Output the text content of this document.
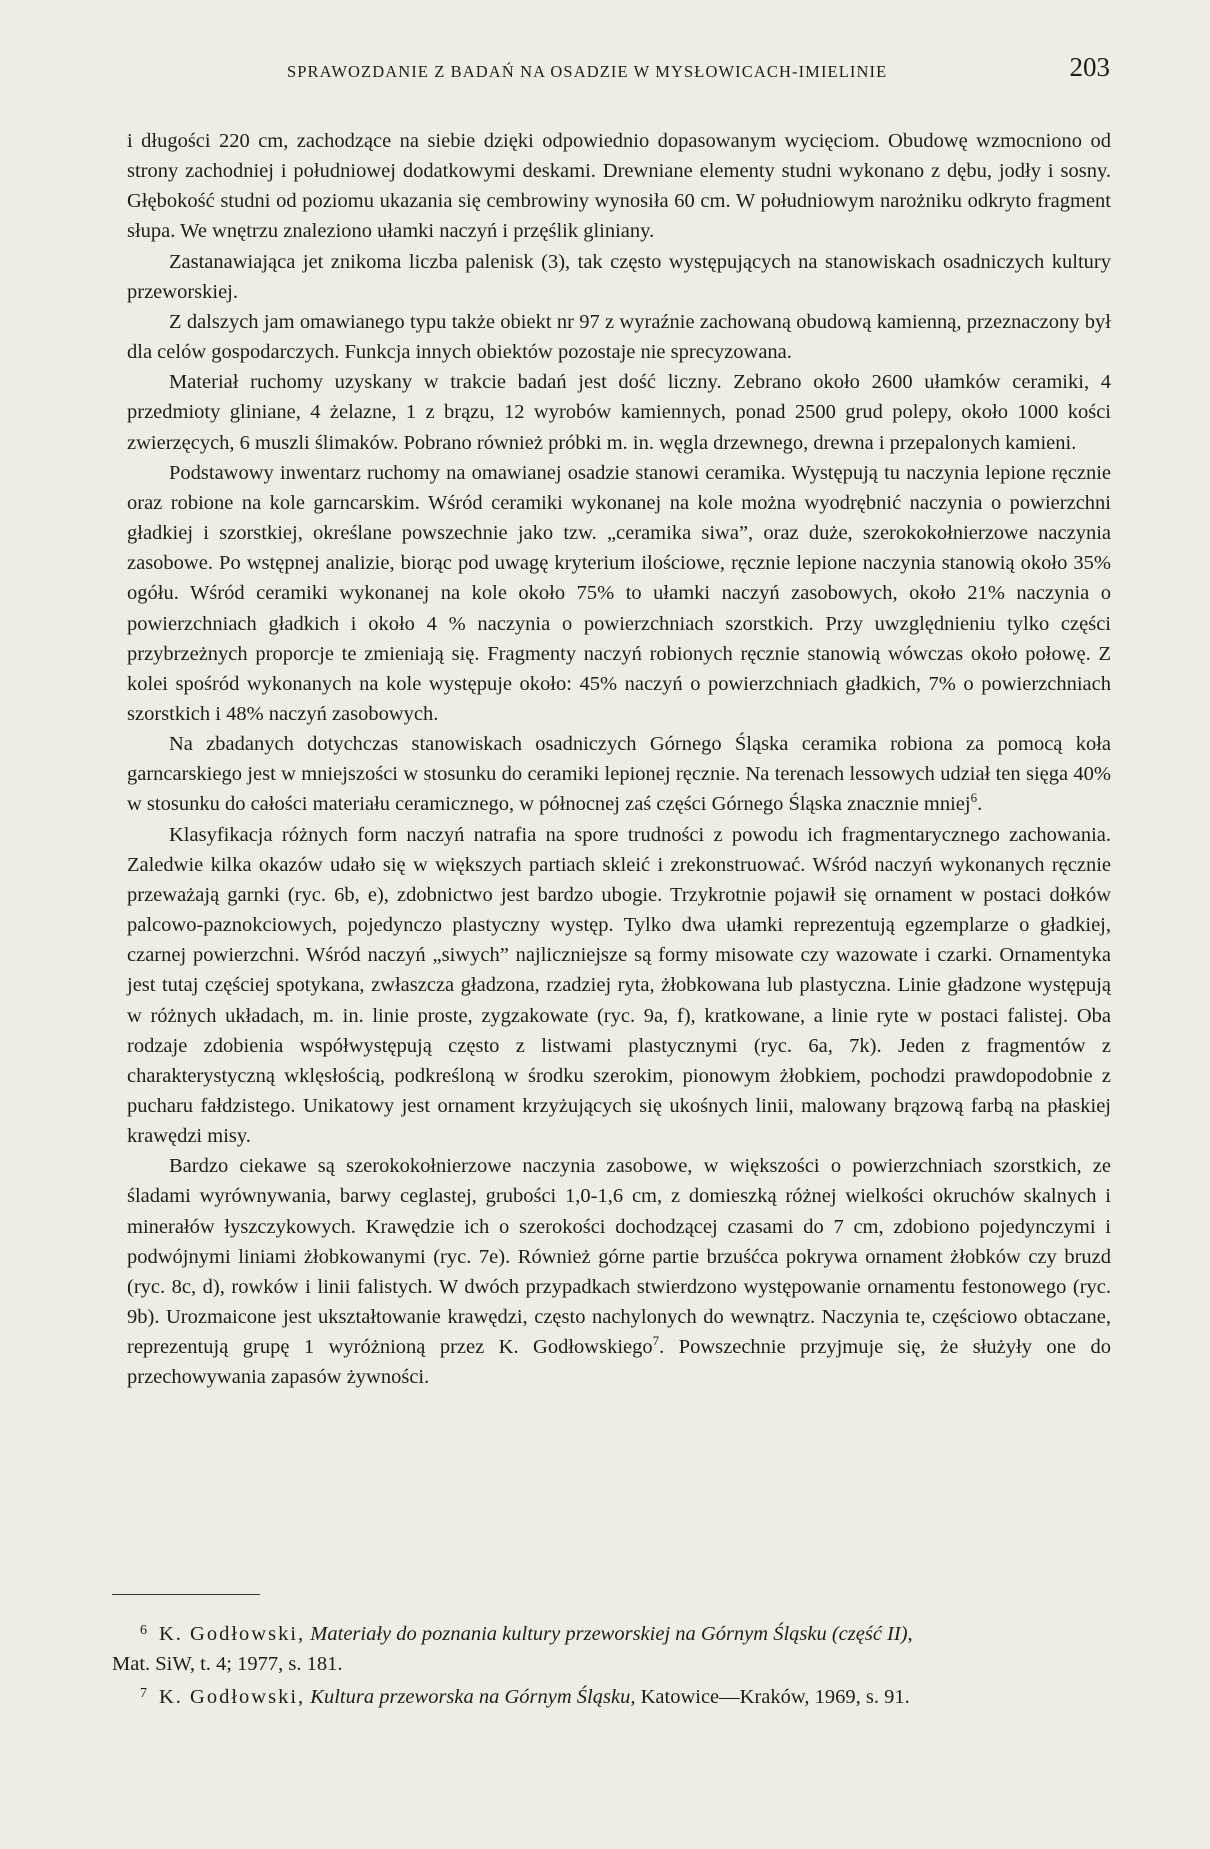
SPRAWOZDANIE Z BADAŃ NA OSADZIE W MYSŁOWICACH-IMIELINIE	203

i długości 220 cm, zachodzące na siebie dzięki odpowiednio dopasowanym wycięciom. Obudowę wzmocniono od strony zachodniej i południowej dodatkowymi deskami. Drewniane elementy studni wykonano z dębu, jodły i sosny. Głębokość studni od poziomu ukazania się cembrowiny wynosiła 60 cm. W południowym narożniku odkryto fragment słupa. We wnętrzu znaleziono ułamki naczyń i przęślik gliniany.

Zastanawiająca jet znikoma liczba palenisk (3), tak często występujących na stanowiskach osadniczych kultury przeworskiej.

Z dalszych jam omawianego typu także obiekt nr 97 z wyraźnie zachowaną obudową kamienną, przeznaczony był dla celów gospodarczych. Funkcja innych obiektów pozostaje nie sprecyzowana.

Materiał ruchomy uzyskany w trakcie badań jest dość liczny. Zebrano około 2600 ułamków ceramiki, 4 przedmioty gliniane, 4 żelazne, 1 z brązu, 12 wyrobów kamiennych, ponad 2500 grud polepy, około 1000 kości zwierzęcych, 6 muszli ślimaków. Pobrano również próbki m. in. węgla drzewnego, drewna i przepalonych kamieni.

Podstawowy inwentarz ruchomy na omawianej osadzie stanowi ceramika. Występują tu naczynia lepione ręcznie oraz robione na kole garncarskim. Wśród ceramiki wykonanej na kole można wyodrębnić naczynia o powierzchni gładkiej i szorstkiej, określane powszechnie jako tzw. „ceramika siwa”, oraz duże, szerokokołnierzowe naczynia zasobowe. Po wstępnej analizie, biorąc pod uwagę kryterium ilościowe, ręcznie lepione naczynia stanowią około 35% ogółu. Wśród ceramiki wykonanej na kole około 75% to ułamki naczyń zasobowych, około 21% naczynia o powierzchniach gładkich i około 4 % naczynia o powierzchniach szorstkich. Przy uwzględnieniu tylko części przybrzeżnych proporcje te zmieniają się. Fragmenty naczyń robionych ręcznie stanowią wówczas około połowę. Z kolei spośród wykonanych na kole występuje około: 45% naczyń o powierzchniach gładkich, 7% o powierzchniach szorstkich i 48% naczyń zasobowych.

Na zbadanych dotychczas stanowiskach osadniczych Górnego Śląska ceramika robiona za pomocą koła garncarskiego jest w mniejszości w stosunku do ceramiki lepionej ręcznie. Na terenach lessowych udział ten sięga 40% w stosunku do całości materiału ceramicznego, w północnej zaś części Górnego Śląska znacznie mniej$^6$.

Klasyfikacja różnych form naczyń natrafia na spore trudności z powodu ich fragmentarycznego zachowania. Zaledwie kilka okazów udało się w większych partiach skleić i zrekonstruować. Wśród naczyń wykonanych ręcznie przeważają garnki (ryc. 6b, e), zdobnictwo jest bardzo ubogie. Trzykrotnie pojawił się ornament w postaci dołków palcowo-paznokciowych, pojedynczo plastyczny występ. Tylko dwa ułamki reprezentują egzemplarze o gładkiej, czarnej powierzchni. Wśród naczyń „siwych” najliczniejsze są formy misowate czy wazowate i czarki. Ornamentyka jest tutaj częściej spotykana, zwłaszcza gładzona, rzadziej ryta, żłobkowana lub plastyczna. Linie gładzone występują w różnych układach, m. in. linie proste, zygzakowate (ryc. 9a, f), kratkowane, a linie ryte w postaci falistej. Oba rodzaje zdobienia współwystępują często z listwami plastycznymi (ryc. 6a, 7k). Jeden z fragmentów z charakterystyczną wklęsłością, podkreśloną w środku szerokim, pionowym żłobkiem, pochodzi prawdopodobnie z pucharu fałdzistego. Unikatowy jest ornament krzyżujących się ukośnych linii, malowany brązową farbą na płaskiej krawędzi misy.

Bardzo ciekawe są szerokokołnierzowe naczynia zasobowe, w większości o powierzchniach szorstkich, ze śladami wyrównywania, barwy ceglastej, grubości 1,0-1,6 cm, z domieszką różnej wielkości okruchów skalnych i minerałów łyszczykowych. Krawędzie ich o szerokości dochodzącej czasami do 7 cm, zdobiono pojedynczymi i podwójnymi liniami żłobkowanymi (ryc. 7e). Również górne partie brzuśćca pokrywa ornament żłobków czy bruzd (ryc. 8c, d), rowków i linii falistych. W dwóch przypadkach stwierdzono występowanie ornamentu festonowego (ryc. 9b). Urozmaicone jest ukształtowanie krawędzi, często nachylonych do wewnątrz. Naczynia te, częściowo obtaczane, reprezentują grupę 1 wyróżnioną przez K. Godłowskiego$^7$. Powszechnie przyjmuje się, że służyły one do przechowywania zapasów żywności.

$^6$ K. Godłowski, Materiały do poznania kultury przeworskiej na Górnym Śląsku (część II),
Mat. SiW, t. 4; 1977, s. 181.

$^7$ K. Godłowski, Kultura przeworska na Górnym Śląsku, Katowice—Kraków, 1969, s. 91.
